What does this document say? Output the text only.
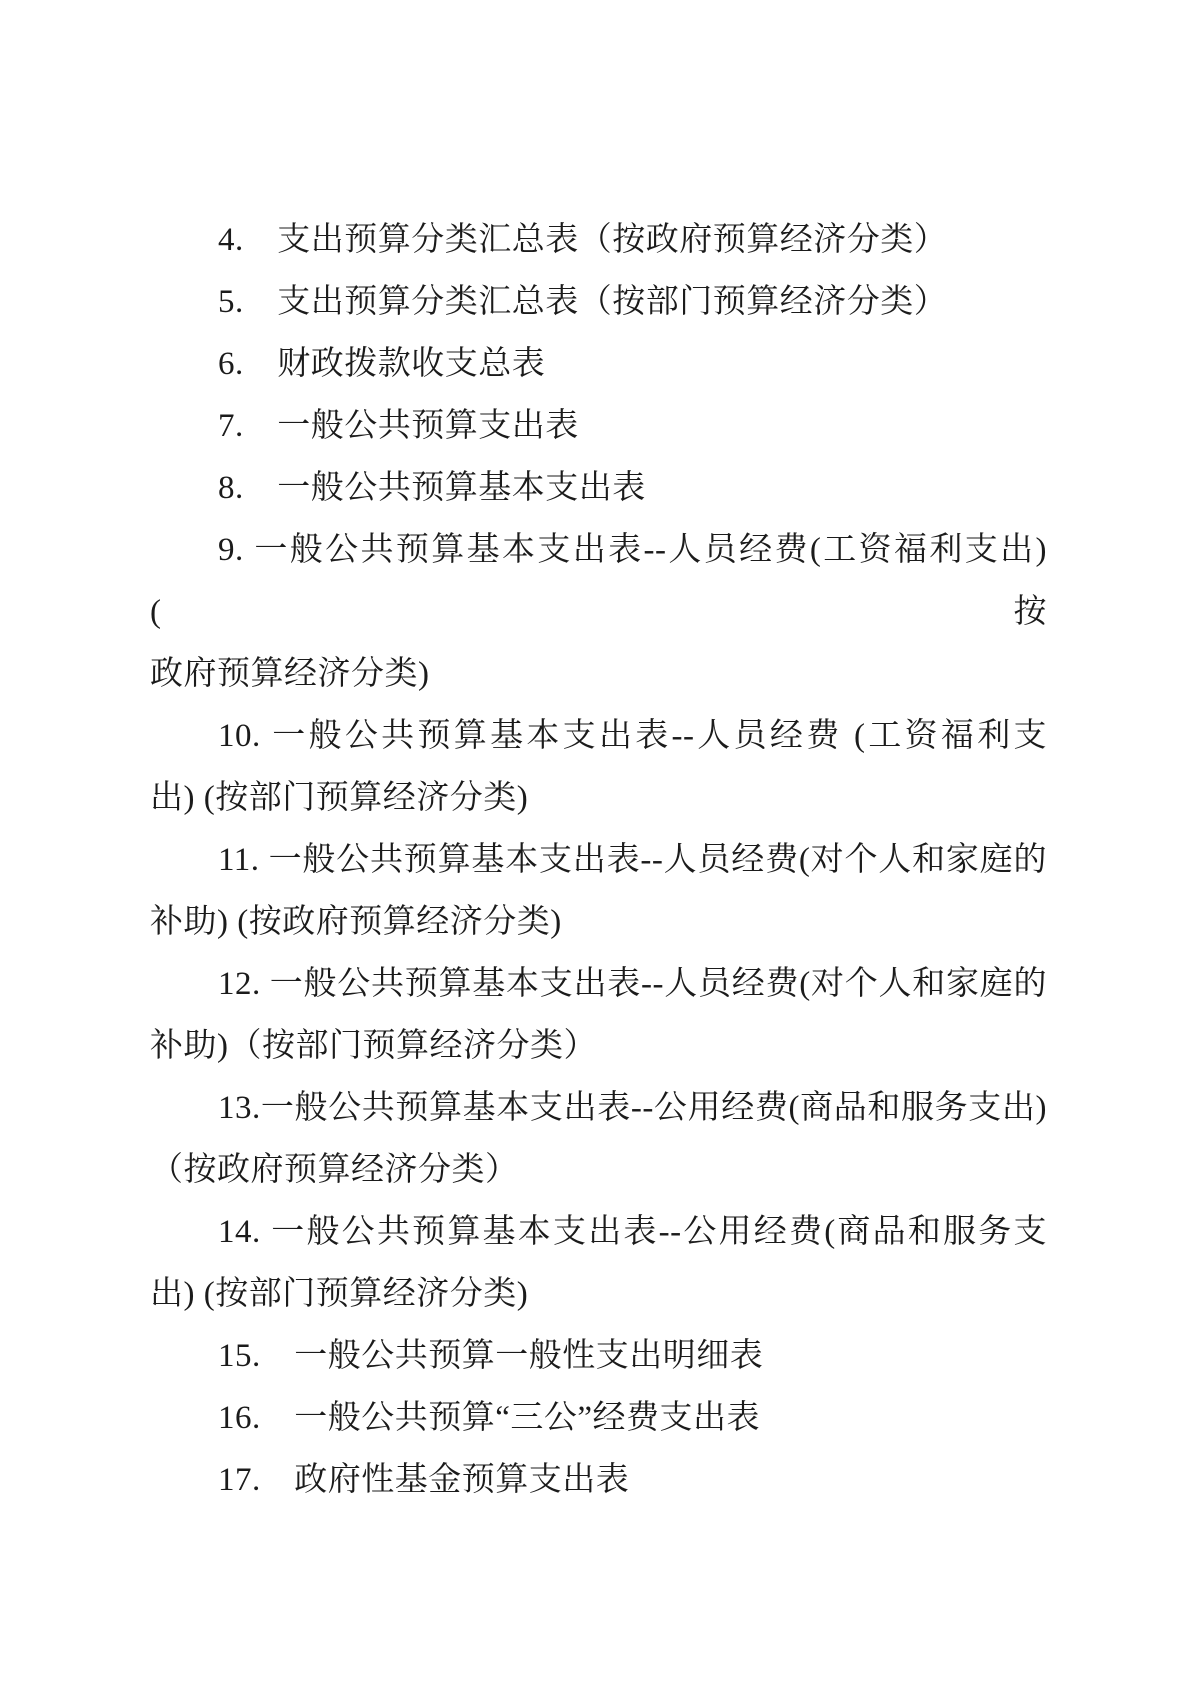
4.　支出预算分类汇总表（按政府预算经济分类）
5.　支出预算分类汇总表（按部门预算经济分类）
6.　财政拨款收支总表
7.　一般公共预算支出表
8.　一般公共预算基本支出表
9. 一般公共预算基本支出表--人员经费(工资福利支出) (按
政府预算经济分类)
10. 一般公共预算基本支出表--人员经费 (工资福利支
出) (按部门预算经济分类)
11. 一般公共预算基本支出表--人员经费(对个人和家庭的
补助) (按政府预算经济分类)
12. 一般公共预算基本支出表--人员经费(对个人和家庭的
补助)（按部门预算经济分类）
13.一般公共预算基本支出表--公用经费(商品和服务支出)
（按政府预算经济分类）
14. 一般公共预算基本支出表--公用经费(商品和服务支
出) (按部门预算经济分类)
15.　一般公共预算一般性支出明细表
16.　一般公共预算“三公”经费支出表
17.　政府性基金预算支出表
